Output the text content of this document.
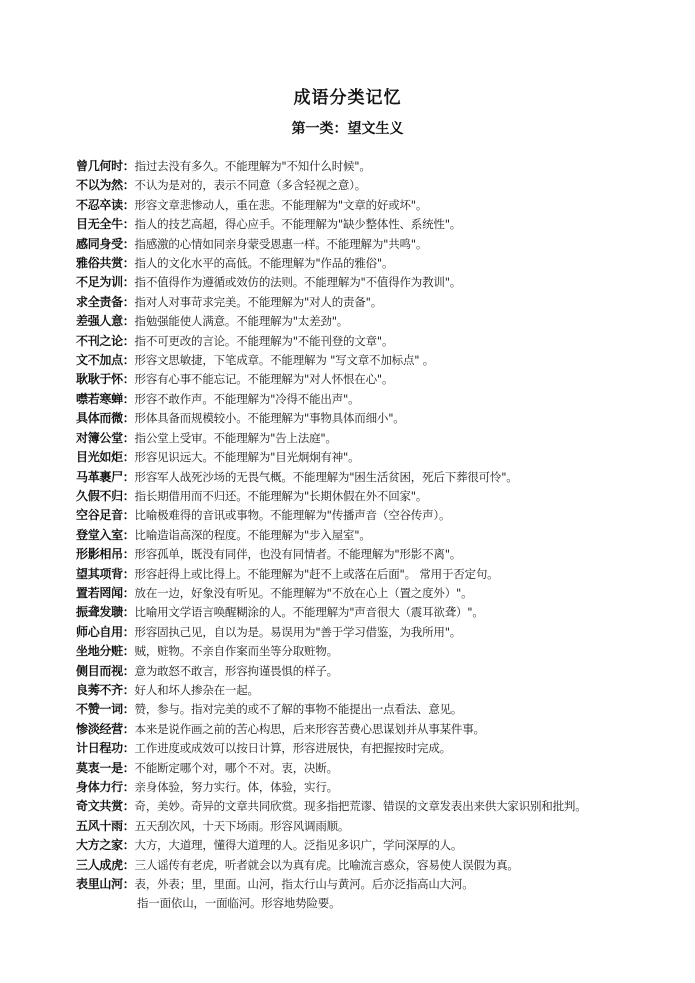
成语分类记忆
第一类：望文生义
曾几何时： 指过去没有多久。不能理解为"不知什么时候"。
不以为然： 不认为是对的，表示不同意（多含轻视之意）。
不忍卒读： 形容文章悲惨动人，重在悲。不能理解为"文章的好或坏"。
目无全牛： 指人的技艺高超，得心应手。不能理解为"缺少整体性、系统性"。
感同身受： 指感激的心情如同亲身蒙受恩惠一样。不能理解为"共鸣"。
雅俗共赏： 指人的文化水平的高低。不能理解为"作品的雅俗"。
不足为训： 指不值得作为遵循或效仿的法则。不能理解为"不值得作为教训"。
求全责备： 指对人对事苛求完美。不能理解为"对人的责备"。
差强人意： 指勉强能使人满意。不能理解为"太差劲"。
不刊之论： 指不可更改的言论。不能理解为"不能刊登的文章"。
文不加点： 形容文思敏捷，下笔成章。不能理解为 "写文章不加标点" 。
耿耿于怀： 形容有心事不能忘记。不能理解为"对人怀恨在心"。
噤若寒蝉： 形容不敢作声。不能理解为"冷得不能出声"。
具体而微： 形体具备而规模较小。不能理解为"事物具体而细小"。
对簿公堂： 指公堂上受审。不能理解为"告上法庭"。
目光如炬： 形容见识远大。不能理解为"目光炯炯有神"。
马革裹尸： 形容军人战死沙场的无畏气概。不能理解为"困生活贫困，死后下葬很可怜"。
久假不归： 指长期借用而不归还。不能理解为"长期休假在外不回家"。
空谷足音： 比喻极难得的音讯或事物。不能理解为"传播声音（空谷传声）。
登堂入室： 比喻造诣高深的程度。不能理解为"步入屋室"。
形影相吊： 形容孤单，既没有同伴，也没有同情者。不能理解为"形影不离"。
望其项背： 形容赶得上或比得上。不能理解为"赶不上或落在后面"。 常用于否定句。
置若罔闻： 放在一边，好象没有听见。不能理解为"不放在心上（置之度外）"。
振聋发聩： 比喻用文学语言唤醒糊涂的人。不能理解为"声音很大（震耳欲聋）"。
师心自用： 形容固执己见，自以为是。易误用为"善于学习借鉴，为我所用"。
坐地分赃： 贼，赃物。不亲自作案而坐等分取赃物。
侧目而视： 意为敢怒不敢言，形容拘谨畏惧的样子。
良莠不齐： 好人和坏人掺杂在一起。
不赞一词： 赞，参与。指对完美的或不了解的事物不能提出一点看法、意见。
惨淡经营： 本来是说作画之前的苦心构思，后来形容苦费心思谋划并从事某件事。
计日程功： 工作进度或成效可以按日计算，形容进展快，有把握按时完成。
莫衷一是： 不能断定哪个对，哪个不对。衷，决断。
身体力行： 亲身体验，努力实行。体，体验，实行。
奇文共赏： 奇，美妙。奇异的文章共同欣赏。现多指把荒谬、错误的文章发表出来供大家识别和批判。
五风十雨： 五天刮次风，十天下场雨。形容风调雨顺。
大方之家： 大方，大道理，懂得大道理的人。泛指见多识广，学问深厚的人。
三人成虎： 三人谣传有老虎，听者就会以为真有虎。比喻流言惑众，容易使人误假为真。
表里山河： 表，外表；里，里面。山河，指太行山与黄河。后亦泛指高山大河。
指一面依山，一面临河。形容地势险要。
